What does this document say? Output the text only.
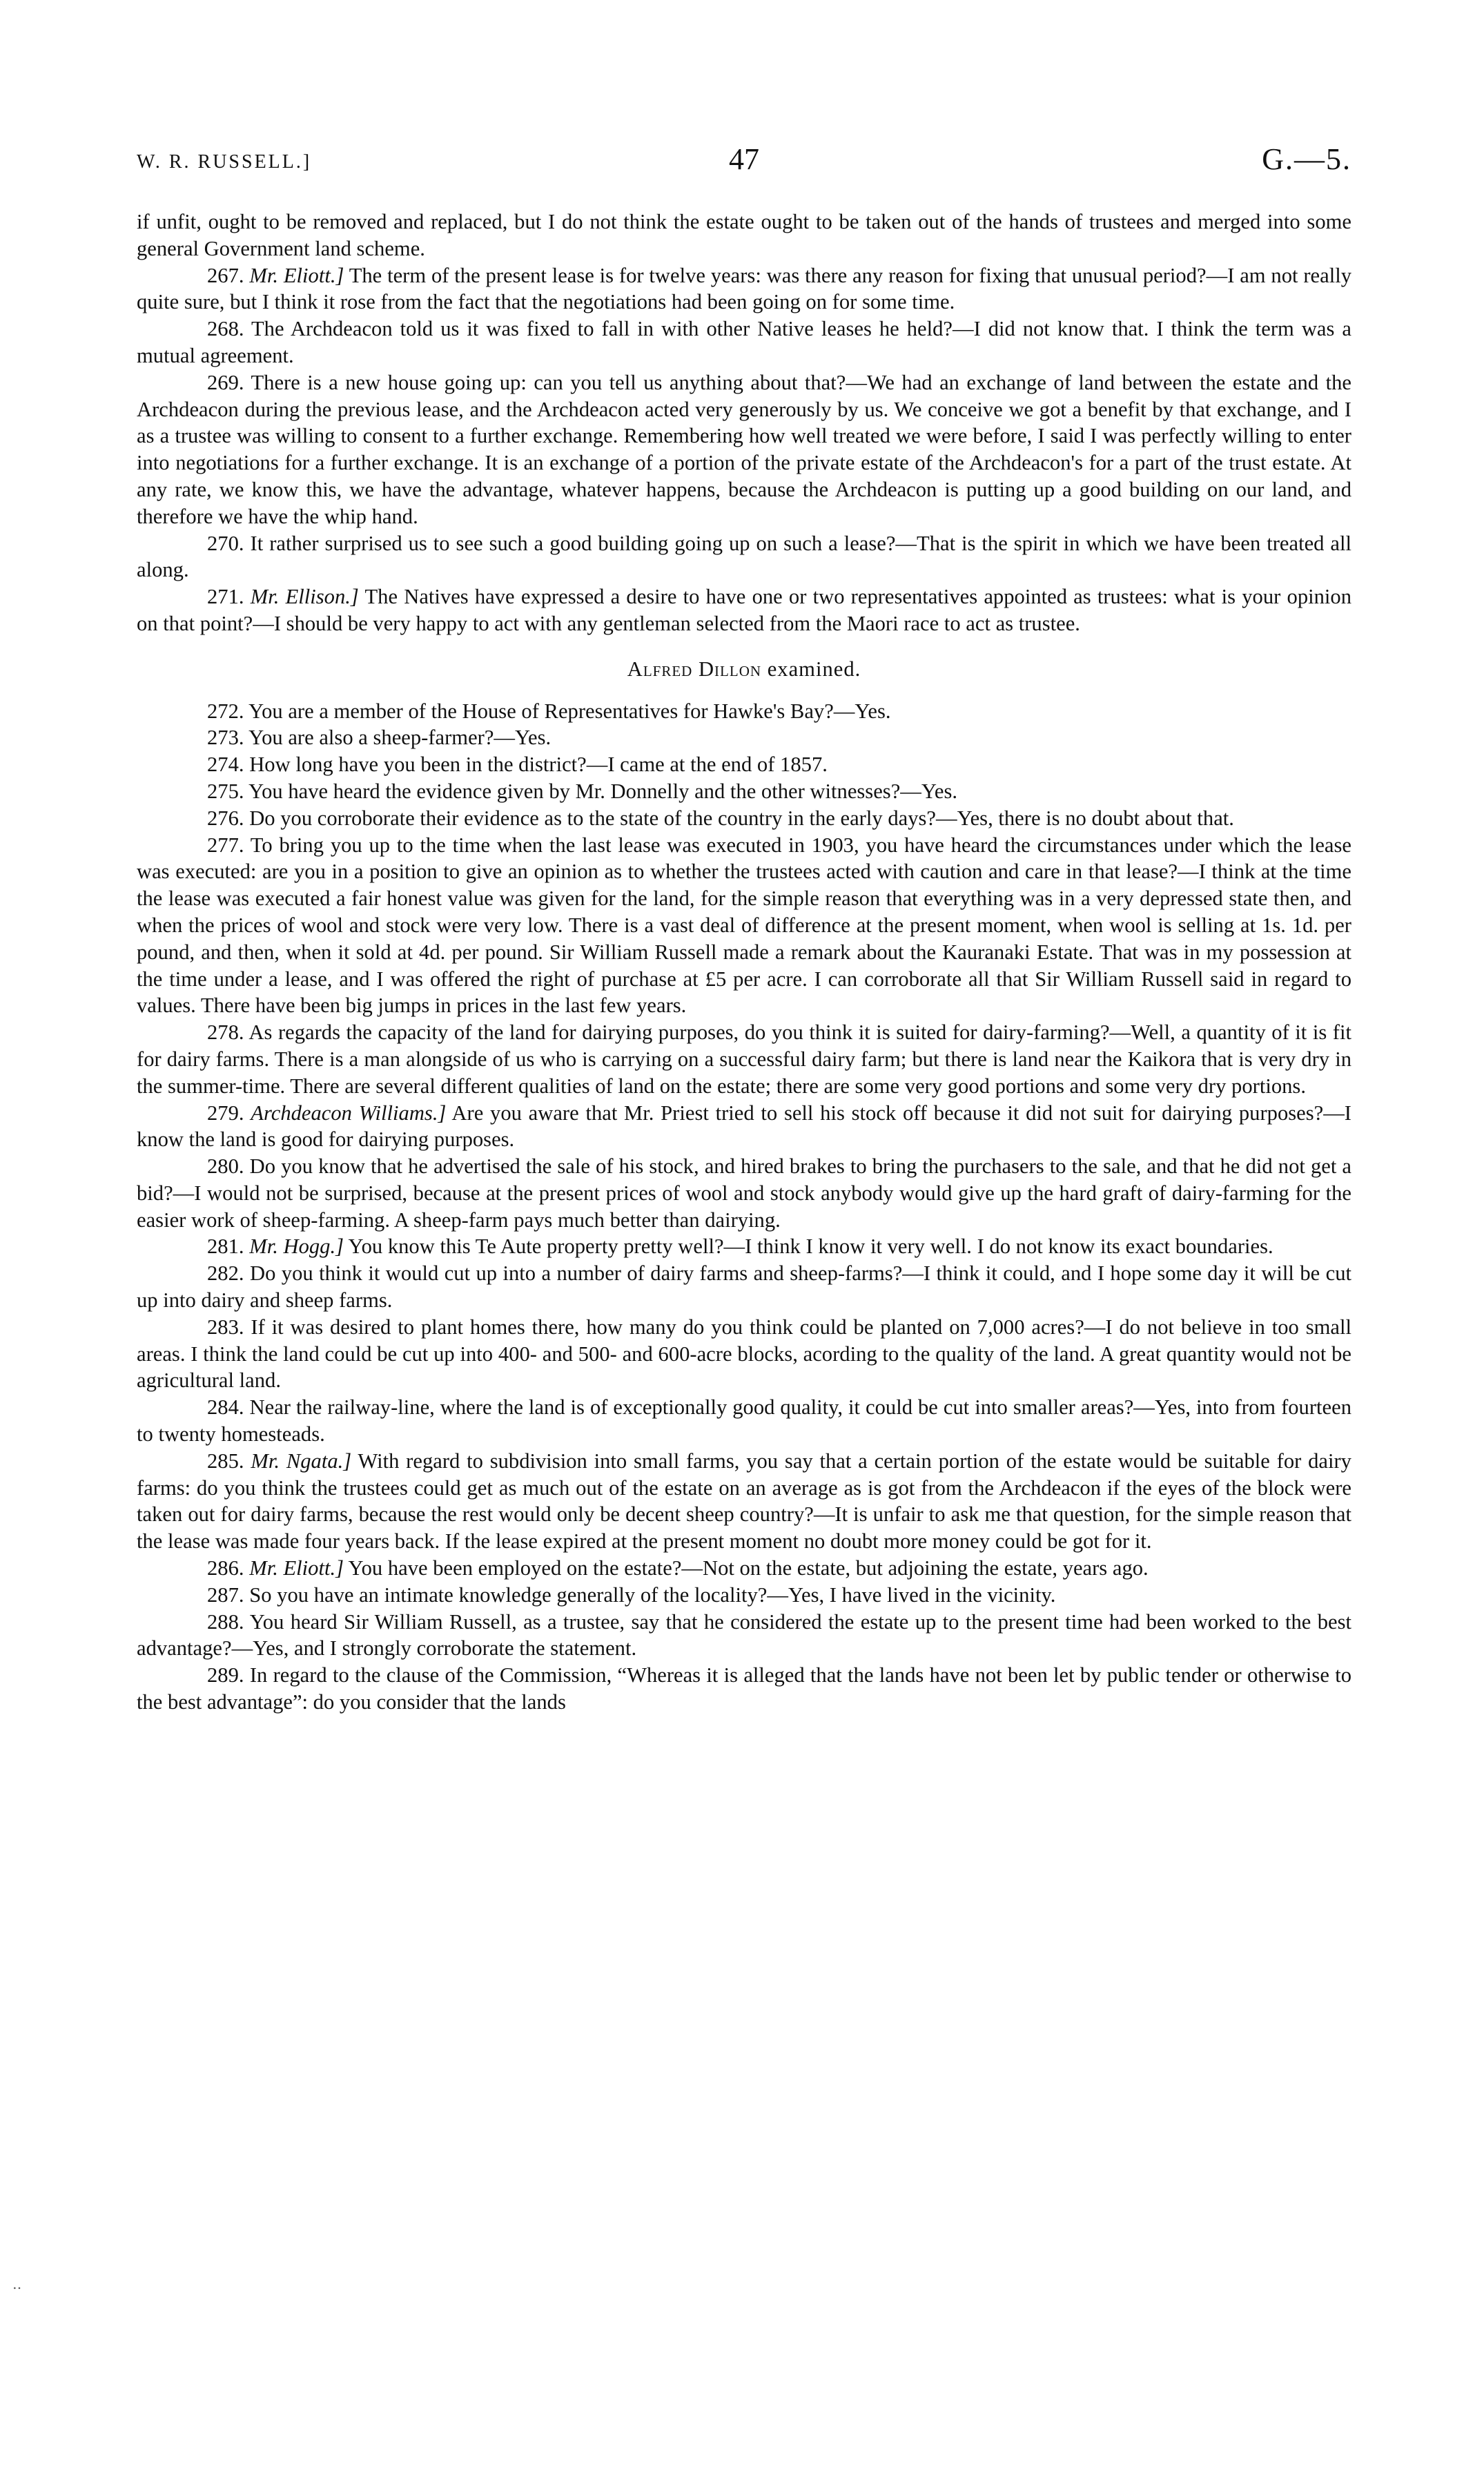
W. R. RUSSELL.]	47	G.—5.

if unfit, ought to be removed and replaced, but I do not think the estate ought to be taken out of the hands of trustees and merged into some general Government land scheme.

267. Mr. Eliott.] The term of the present lease is for twelve years: was there any reason for fixing that unusual period?—I am not really quite sure, but I think it rose from the fact that the negotiations had been going on for some time.

268. The Archdeacon told us it was fixed to fall in with other Native leases he held?—I did not know that. I think the term was a mutual agreement.

269. There is a new house going up: can you tell us anything about that?—We had an exchange of land between the estate and the Archdeacon during the previous lease, and the Archdeacon acted very generously by us. We conceive we got a benefit by that exchange, and I as a trustee was willing to consent to a further exchange. Remembering how well treated we were before, I said I was perfectly willing to enter into negotiations for a further exchange. It is an exchange of a portion of the private estate of the Archdeacon's for a part of the trust estate. At any rate, we know this, we have the advantage, whatever happens, because the Archdeacon is putting up a good building on our land, and therefore we have the whip hand.

270. It rather surprised us to see such a good building going up on such a lease?—That is the spirit in which we have been treated all along.

271. Mr. Ellison.] The Natives have expressed a desire to have one or two representatives appointed as trustees: what is your opinion on that point?—I should be very happy to act with any gentleman selected from the Maori race to act as trustee.

Alfred Dillon examined.

272. You are a member of the House of Representatives for Hawke's Bay?—Yes.

273. You are also a sheep-farmer?—Yes.

274. How long have you been in the district?—I came at the end of 1857.

275. You have heard the evidence given by Mr. Donnelly and the other witnesses?—Yes.

276. Do you corroborate their evidence as to the state of the country in the early days?—Yes, there is no doubt about that.

277. To bring you up to the time when the last lease was executed in 1903, you have heard the circumstances under which the lease was executed: are you in a position to give an opinion as to whether the trustees acted with caution and care in that lease?—I think at the time the lease was executed a fair honest value was given for the land, for the simple reason that everything was in a very depressed state then, and when the prices of wool and stock were very low. There is a vast deal of difference at the present moment, when wool is selling at 1s. 1d. per pound, and then, when it sold at 4d. per pound. Sir William Russell made a remark about the Kauranaki Estate. That was in my possession at the time under a lease, and I was offered the right of purchase at £5 per acre. I can corroborate all that Sir William Russell said in regard to values. There have been big jumps in prices in the last few years.

278. As regards the capacity of the land for dairying purposes, do you think it is suited for dairy-farming?—Well, a quantity of it is fit for dairy farms. There is a man alongside of us who is carrying on a successful dairy farm; but there is land near the Kaikora that is very dry in the summer-time. There are several different qualities of land on the estate; there are some very good portions and some very dry portions.

279. Archdeacon Williams.] Are you aware that Mr. Priest tried to sell his stock off because it did not suit for dairying purposes?—I know the land is good for dairying purposes.

280. Do you know that he advertised the sale of his stock, and hired brakes to bring the purchasers to the sale, and that he did not get a bid?—I would not be surprised, because at the present prices of wool and stock anybody would give up the hard graft of dairy-farming for the easier work of sheep-farming. A sheep-farm pays much better than dairying.

281. Mr. Hogg.] You know this Te Aute property pretty well?—I think I know it very well. I do not know its exact boundaries.

282. Do you think it would cut up into a number of dairy farms and sheep-farms?—I think it could, and I hope some day it will be cut up into dairy and sheep farms.

283. If it was desired to plant homes there, how many do you think could be planted on 7,000 acres?—I do not believe in too small areas. I think the land could be cut up into 400- and 500- and 600-acre blocks, acording to the quality of the land. A great quantity would not be agricultural land.

284. Near the railway-line, where the land is of exceptionally good quality, it could be cut into smaller areas?—Yes, into from fourteen to twenty homesteads.

285. Mr. Ngata.] With regard to subdivision into small farms, you say that a certain portion of the estate would be suitable for dairy farms: do you think the trustees could get as much out of the estate on an average as is got from the Archdeacon if the eyes of the block were taken out for dairy farms, because the rest would only be decent sheep country?—It is unfair to ask me that question, for the simple reason that the lease was made four years back. If the lease expired at the present moment no doubt more money could be got for it.

286. Mr. Eliott.] You have been employed on the estate?—Not on the estate, but adjoining the estate, years ago.

287. So you have an intimate knowledge generally of the locality?—Yes, I have lived in the vicinity.

288. You heard Sir William Russell, as a trustee, say that he considered the estate up to the present time had been worked to the best advantage?—Yes, and I strongly corroborate the statement.

289. In regard to the clause of the Commission, “Whereas it is alleged that the lands have not been let by public tender or otherwise to the best advantage”: do you consider that the lands

‥
